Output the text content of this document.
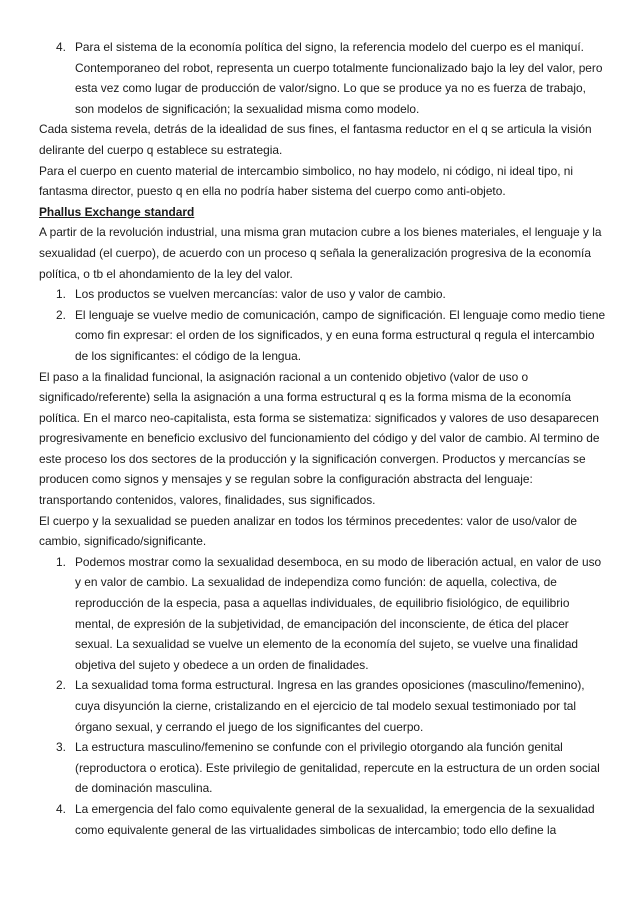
4. Para el sistema de la economía política del signo, la referencia modelo del cuerpo es el maniquí. Contemporaneo del robot, representa un cuerpo totalmente funcionalizado bajo la ley del valor, pero esta vez como lugar de producción de valor/signo. Lo que se produce ya no es fuerza de trabajo, son modelos de significación; la sexualidad misma como modelo.

Cada sistema revela, detrás de la idealidad de sus fines, el fantasma reductor en el q se articula la visión delirante del cuerpo q establece su estrategia.

Para el cuerpo en cuento material de intercambio simbolico, no hay modelo, ni código, ni ideal tipo, ni fantasma director, puesto q en ella no podría haber sistema del cuerpo como anti-objeto.

Phallus Exchange standard

A partir de la revolución industrial, una misma gran mutacion cubre a los bienes materiales, el lenguaje y la sexualidad (el cuerpo), de acuerdo con un proceso q señala la generalización progresiva de la economía política, o tb el ahondamiento de la ley del valor.

1. Los productos se vuelven mercancías: valor de uso y valor de cambio.
2. El lenguaje se vuelve medio de comunicación, campo de significación. El lenguaje como medio tiene como fin expresar: el orden de los significados, y en euna forma estructural q regula el intercambio de los significantes: el código de la lengua.

El paso a la finalidad funcional, la asignación racional a un contenido objetivo (valor de uso o significado/referente) sella la asignación a una forma estructural q es la forma misma de la economía política. En el marco neo-capitalista, esta forma se sistematiza: significados y valores de uso desaparecen progresivamente en beneficio exclusivo del funcionamiento del código y del valor de cambio. Al termino de este proceso los dos sectores de la producción y la significación convergen. Productos y mercancías se producen como signos y mensajes y se regulan sobre la configuración abstracta del lenguaje: transportando contenidos, valores, finalidades, sus significados.

El cuerpo y la sexualidad se pueden analizar en todos los términos precedentes: valor de uso/valor de cambio, significado/significante.

1. Podemos mostrar como la sexualidad desemboca, en su modo de liberación actual, en valor de uso y en valor de cambio. La sexualidad de independiza como función: de aquella, colectiva, de reproducción de la especia, pasa a aquellas individuales, de equilibrio fisiológico, de equilibrio mental, de expresión de la subjetividad, de emancipación del inconsciente, de ética del placer sexual. La sexualidad se vuelve un elemento de la economía del sujeto, se vuelve una finalidad objetiva del sujeto y obedece a un orden de finalidades.
2. La sexualidad toma forma estructural. Ingresa en las grandes oposiciones (masculino/femenino), cuya disyunción la cierne, cristalizando en el ejercicio de tal modelo sexual testimoniado por tal órgano sexual, y cerrando el juego de los significantes del cuerpo.
3. La estructura masculino/femenino se confunde con el privilegio otorgando ala función genital (reproductora o erotica). Este privilegio de genitalidad, repercute en la estructura de un orden social de dominación masculina.
4. La emergencia del falo como equivalente general de la sexualidad, la emergencia de la sexualidad como equivalente general de las virtualidades simbolicas de intercambio; todo ello define la
